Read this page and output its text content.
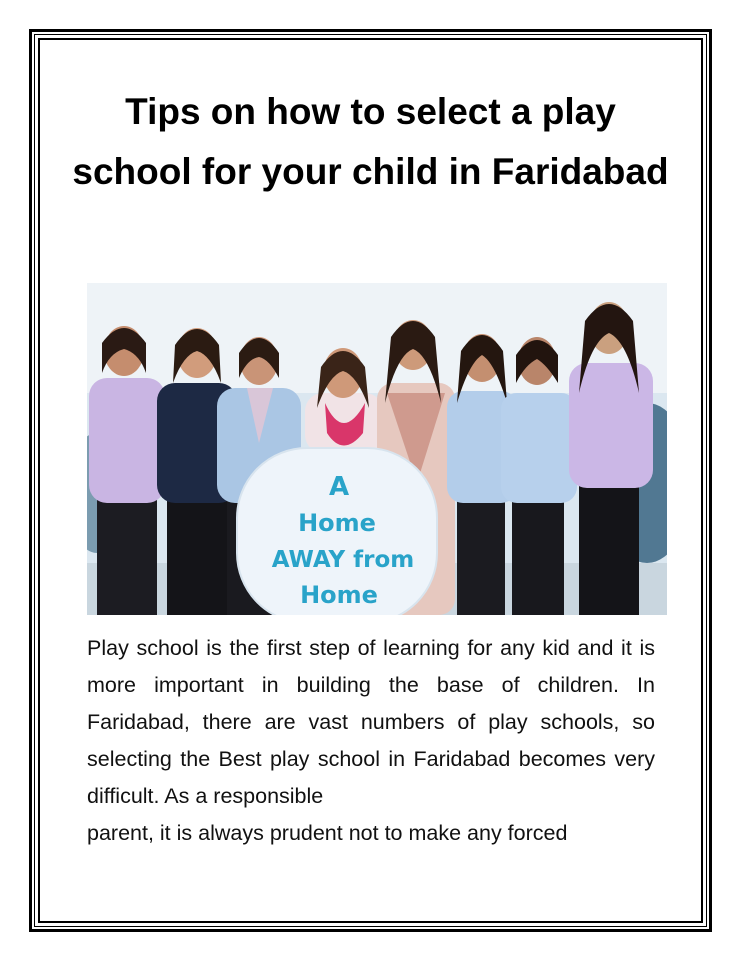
Tips on how to select a play school for your child in Faridabad
A
Home
AWAY from
Home

Play school is the first step of learning for any kid and it is more important in building the base of children. In Faridabad, there are vast numbers of play schools, so selecting the Best play school in Faridabad becomes very difficult. As a responsible
parent, it is always prudent not to make any forced
